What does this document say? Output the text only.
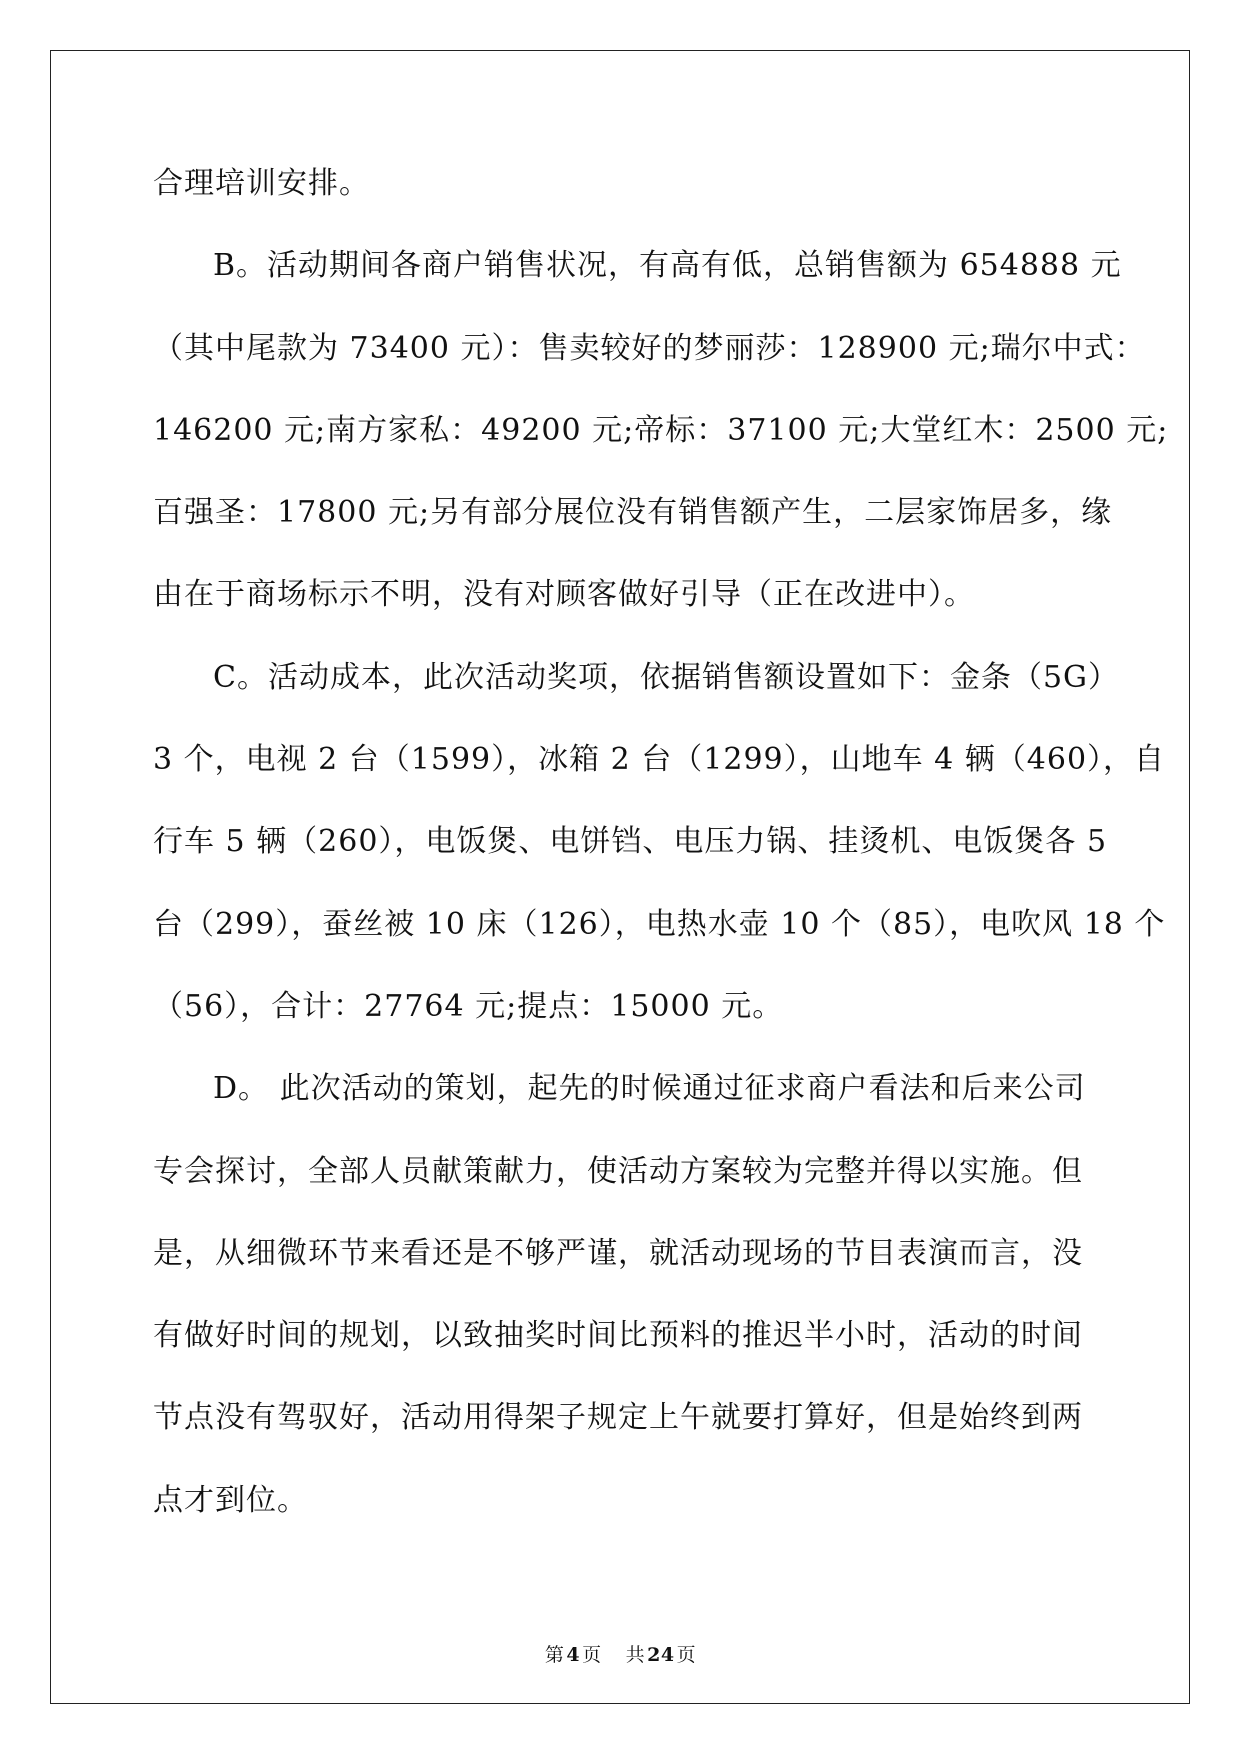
合理培训安排。
B。活动期间各商户销售状况，有高有低，总销售额为 654888 元
（其中尾款为 73400 元）：售卖较好的梦丽莎：128900 元;瑞尔中式：
146200 元;南方家私：49200 元;帝标：37100 元;大堂红木：2500 元;
百强圣：17800 元;另有部分展位没有销售额产生，二层家饰居多，缘
由在于商场标示不明，没有对顾客做好引导（正在改进中）。
C。活动成本，此次活动奖项，依据销售额设置如下：金条（5G）
3 个，电视 2 台（1599），冰箱 2 台（1299），山地车 4 辆（460），自
行车 5 辆（260），电饭煲、电饼铛、电压力锅、挂烫机、电饭煲各 5
台（299），蚕丝被 10 床（126），电热水壶 10 个（85），电吹风 18 个
（56），合计：27764 元;提点：15000 元。
D。 此次活动的策划，起先的时候通过征求商户看法和后来公司
专会探讨，全部人员献策献力，使活动方案较为完整并得以实施。但
是，从细微环节来看还是不够严谨，就活动现场的节目表演而言，没
有做好时间的规划，以致抽奖时间比预料的推迟半小时，活动的时间
节点没有驾驭好，活动用得架子规定上午就要打算好，但是始终到两
点才到位。
第 4 页 共 24 页
